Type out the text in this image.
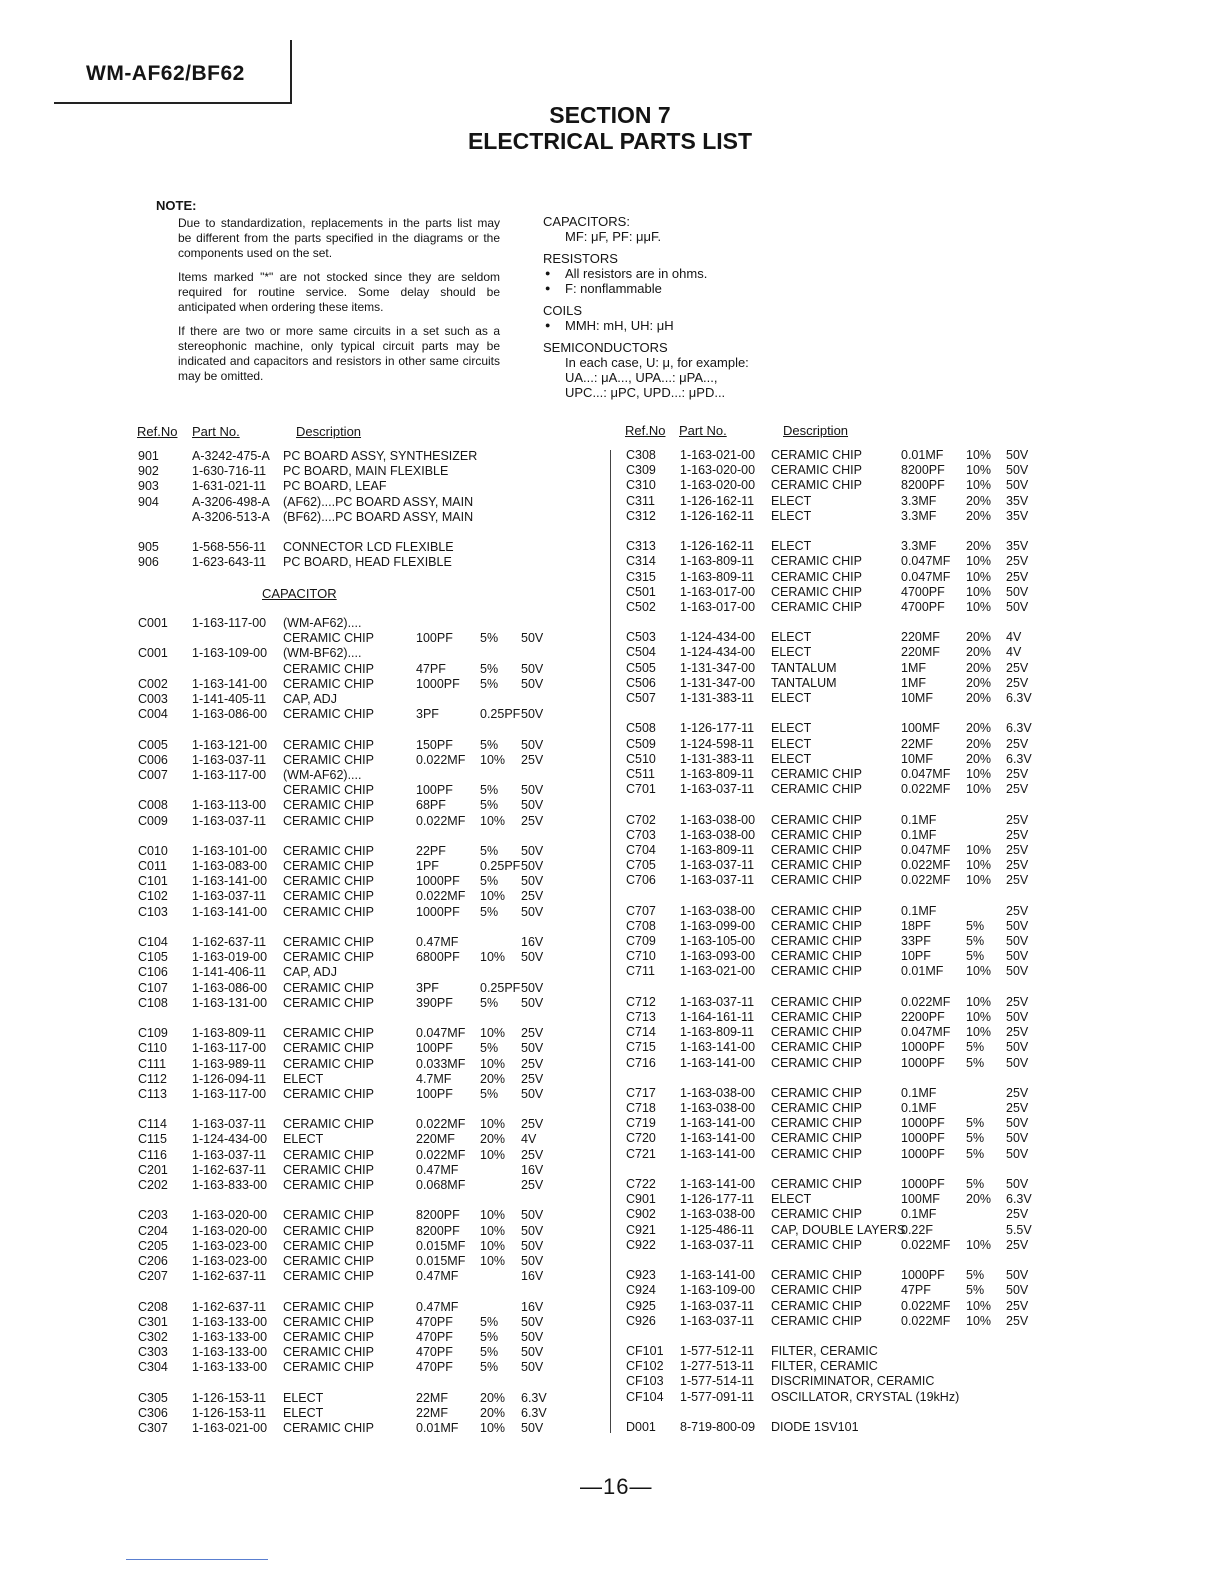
WM-AF62/BF62
SECTION 7
ELECTRICAL PARTS LIST
NOTE:

Due to standardization, replacements in the parts list may be different from the parts specified in the diagrams or the components used on the set.

Items marked "*" are not stocked since they are seldom required for routine service. Some delay should be anticipated when ordering these items.

If there are two or more same circuits in a set such as a stereophonic machine, only typical circuit parts may be indicated and capacitors and resistors in other same circuits may be omitted.

CAPACITORS:
MF: μF, PF: μμF.
RESISTORS
● All resistors are in ohms.
● F: nonflammable
COILS
● MMH: mH, UH: μH
SEMICONDUCTORS
In each case, U: μ, for example:
UA...: μA..., UPA...: μPA...,
UPC...: μPC, UPD...: μPD...
Ref.No Part No.	Description	Ref.No Part No.	Description
CAPACITOR
901	A-3242-475-A PC BOARD ASSY, SYNTHESIZER
902	1-630-716-11 PC BOARD, MAIN FLEXIBLE
903	1-631-021-11 PC BOARD, LEAF
904	A-3206-498-A (AF62)....PC BOARD ASSY, MAIN
A-3206-513-A (BF62)....PC BOARD ASSY, MAIN
905	1-568-556-11 CONNECTOR LCD FLEXIBLE
906	1-623-643-11 PC BOARD, HEAD FLEXIBLE
C001 1-163-117-00 (WM-AF62)....
CERAMIC CHIP	100PF 5% 50V
C001 1-163-109-00 (WM-BF62)....
CERAMIC CHIP	47PF	5% 50V
C002 1-163-141-00 CERAMIC CHIP	1000PF 5% 50V
C003 1-141-405-11 CAP, ADJ
C004 1-163-086-00 CERAMIC CHIP	3PF	0.25PF 50V
C005 1-163-121-00 CERAMIC CHIP	150PF 5% 50V
C006 1-163-037-11 CERAMIC CHIP	0.022MF 10% 25V
C007 1-163-117-00 (WM-AF62)....
CERAMIC CHIP	100PF 5% 50V
C008 1-163-113-00 CERAMIC CHIP	68PF	5% 50V
C009 1-163-037-11 CERAMIC CHIP	0.022MF 10% 25V
C010 1-163-101-00 CERAMIC CHIP	22PF	5% 50V
C011 1-163-083-00 CERAMIC CHIP	1PF	0.25PF 50V
C101 1-163-141-00 CERAMIC CHIP	1000PF 5% 50V
C102 1-163-037-11 CERAMIC CHIP	0.022MF 10% 25V
C103 1-163-141-00 CERAMIC CHIP	1000PF 5% 50V
C104 1-162-637-11 CERAMIC CHIP	0.47MF	16V
C105 1-163-019-00 CERAMIC CHIP	6800PF 10% 50V
C106 1-141-406-11 CAP, ADJ
C107 1-163-086-00 CERAMIC CHIP	3PF	0.25PF 50V
C108 1-163-131-00 CERAMIC CHIP	390PF 5% 50V
C109 1-163-809-11 CERAMIC CHIP	0.047MF 10% 25V
C110 1-163-117-00 CERAMIC CHIP	100PF 5% 50V
C111 1-163-989-11 CERAMIC CHIP	0.033MF 10% 25V
C112 1-126-094-11 ELECT	4.7MF 20% 25V
C113 1-163-117-00 CERAMIC CHIP	100PF 5% 50V
C114 1-163-037-11 CERAMIC CHIP	0.022MF 10% 25V
C115 1-124-434-00 ELECT	220MF 20% 4V
C116 1-163-037-11 CERAMIC CHIP	0.022MF 10% 25V
C201 1-162-637-11 CERAMIC CHIP	0.47MF	16V
C202 1-163-833-00 CERAMIC CHIP	0.068MF	25V
C203 1-163-020-00 CERAMIC CHIP	8200PF 10% 50V
C204 1-163-020-00 CERAMIC CHIP	8200PF 10% 50V
C205 1-163-023-00 CERAMIC CHIP	0.015MF 10% 50V
C206 1-163-023-00 CERAMIC CHIP	0.015MF 10% 50V
C207 1-162-637-11 CERAMIC CHIP	0.47MF	16V
C208 1-162-637-11 CERAMIC CHIP	0.47MF	16V
C301 1-163-133-00 CERAMIC CHIP	470PF 5% 50V
C302 1-163-133-00 CERAMIC CHIP	470PF 5% 50V
C303 1-163-133-00 CERAMIC CHIP	470PF 5% 50V
C304 1-163-133-00 CERAMIC CHIP	470PF 5% 50V
C305 1-126-153-11 ELECT	22MF	20% 6.3V
C306 1-126-153-11 ELECT	22MF	20% 6.3V
C307 1-163-021-00 CERAMIC CHIP	0.01MF 10% 50V
C308 1-163-021-00 CERAMIC CHIP	0.01MF 10% 50V
C309 1-163-020-00 CERAMIC CHIP	8200PF 10% 50V
C310 1-163-020-00 CERAMIC CHIP	8200PF 10% 50V
C311 1-126-162-11 ELECT	3.3MF 20% 35V
C312 1-126-162-11 ELECT	3.3MF 20% 35V
C313 1-126-162-11 ELECT	3.3MF 20% 35V
C314 1-163-809-11 CERAMIC CHIP	0.047MF 10% 25V
C315 1-163-809-11 CERAMIC CHIP	0.047MF 10% 25V
C501 1-163-017-00 CERAMIC CHIP	4700PF 10% 50V
C502 1-163-017-00 CERAMIC CHIP	4700PF 10% 50V
C503 1-124-434-00 ELECT	220MF 20% 4V
C504 1-124-434-00 ELECT	220MF 20% 4V
C505 1-131-347-00 TANTALUM	1MF	20% 25V
C506 1-131-347-00 TANTALUM	1MF	20% 25V
C507 1-131-383-11 ELECT	10MF	20% 6.3V
C508 1-126-177-11 ELECT	100MF 20% 6.3V
C509 1-124-598-11 ELECT	22MF	20% 25V
C510 1-131-383-11 ELECT	10MF	20% 6.3V
C511 1-163-809-11 CERAMIC CHIP	0.047MF 10% 25V
C701 1-163-037-11 CERAMIC CHIP	0.022MF 10% 25V
C702 1-163-038-00 CERAMIC CHIP	0.1MF	25V
C703 1-163-038-00 CERAMIC CHIP	0.1MF	25V
C704 1-163-809-11 CERAMIC CHIP	0.047MF 10% 25V
C705 1-163-037-11 CERAMIC CHIP	0.022MF 10% 25V
C706 1-163-037-11 CERAMIC CHIP	0.022MF 10% 25V
C707 1-163-038-00 CERAMIC CHIP	0.1MF	25V
C708 1-163-099-00 CERAMIC CHIP	18PF	5% 50V
C709 1-163-105-00 CERAMIC CHIP	33PF	5% 50V
C710 1-163-093-00 CERAMIC CHIP	10PF	5% 50V
C711 1-163-021-00 CERAMIC CHIP	0.01MF 10% 50V
C712 1-163-037-11 CERAMIC CHIP	0.022MF 10% 25V
C713 1-164-161-11 CERAMIC CHIP	2200PF 10% 50V
C714 1-163-809-11 CERAMIC CHIP	0.047MF 10% 25V
C715 1-163-141-00 CERAMIC CHIP	1000PF 5% 50V
C716 1-163-141-00 CERAMIC CHIP	1000PF 5% 50V
C717 1-163-038-00 CERAMIC CHIP	0.1MF	25V
C718 1-163-038-00 CERAMIC CHIP	0.1MF	25V
C719 1-163-141-00 CERAMIC CHIP	1000PF 5% 50V
C720 1-163-141-00 CERAMIC CHIP	1000PF 5% 50V
C721 1-163-141-00 CERAMIC CHIP	1000PF 5% 50V
C722 1-163-141-00 CERAMIC CHIP	1000PF 5% 50V
C901 1-126-177-11 ELECT	100MF 20% 6.3V
C902 1-163-038-00 CERAMIC CHIP	0.1MF	25V
C921 1-125-486-11 CAP, DOUBLE LAYERS
0.22F	5.5V
C922 1-163-037-11 CERAMIC CHIP	0.022MF 10% 25V
C923 1-163-141-00 CERAMIC CHIP	1000PF 5% 50V
C924 1-163-109-00 CERAMIC CHIP	47PF	5% 50V
C925 1-163-037-11 CERAMIC CHIP	0.022MF 10% 25V
C926 1-163-037-11 CERAMIC CHIP	0.022MF 10% 25V
CF101 1-577-512-11 FILTER, CERAMIC
CF102 1-277-513-11 FILTER, CERAMIC
CF103 1-577-514-11 DISCRIMINATOR, CERAMIC
CF104 1-577-091-11 OSCILLATOR, CRYSTAL (19kHz)
D001 8-719-800-09 DIODE 1SV101
—16—
